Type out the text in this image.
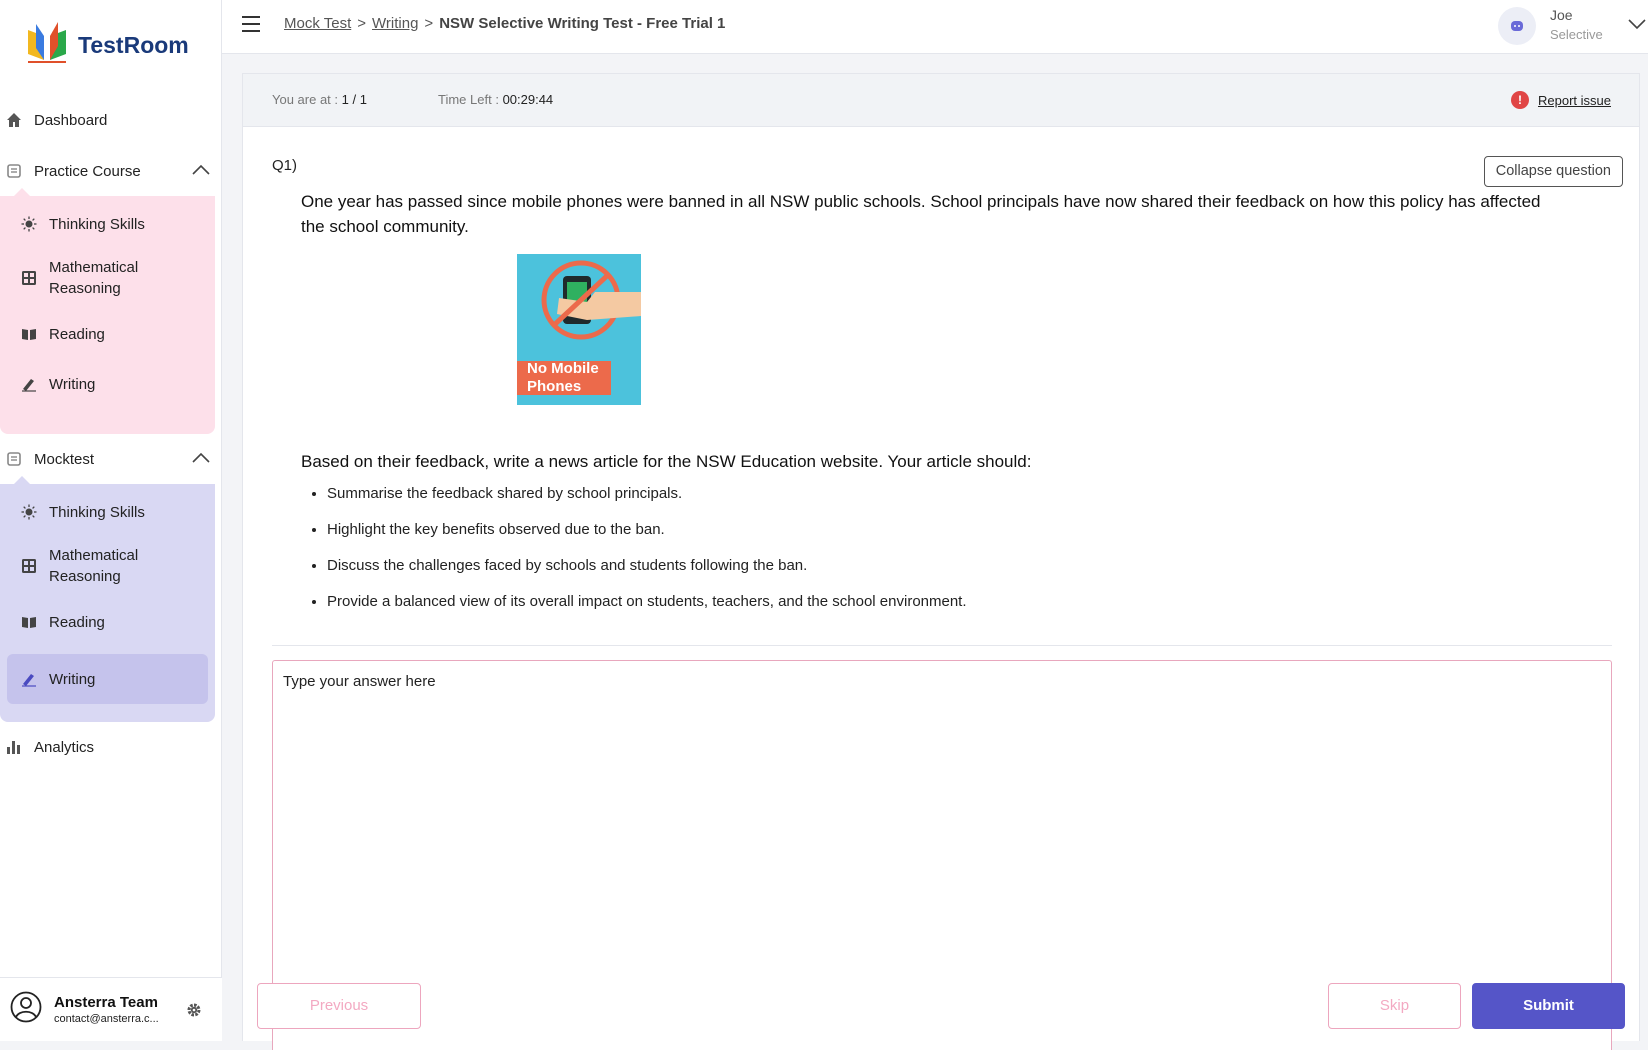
TestRoom
Dashboard
Practice Course
Thinking Skills
Mathematical Reasoning
Reading
Writing
Mocktest
Thinking Skills
Mathematical Reasoning
Reading
Writing
Analytics
Ansterra Team
contact@ansterra.c...
Mock Test > Writing > NSW Selective Writing Test - Free Trial 1	Joe
Selective
You are at : 1 / 1	Time Left : 00:29:44	!	Report issue
Q1)	Collapse question

One year has passed since mobile phones were banned in all NSW public schools. School principals have now shared their feedback on how this policy has affected the school community.

No Mobile
Phones

Based on their feedback, write a news article for the NSW Education website. Your article should:

• Summarise the feedback shared by school principals.
• Highlight the key benefits observed due to the ban.
• Discuss the challenges faced by schools and students following the ban.
• Provide a balanced view of its overall impact on students, teachers, and the school environment.
Type your answer here
Previous	Skip	Submit
